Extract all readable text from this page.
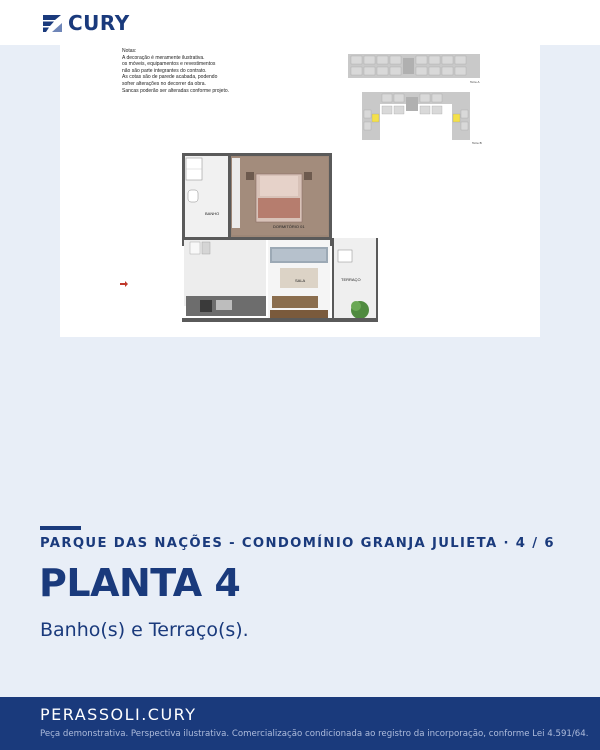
CURY
Notas:
A decoração é meramente ilustrativa.
os móveis, equipamentos e revestimentos
não são parte integrantes do contrato.
As cotas são de parede acabada, podendo
sofrer alterações no decorrer da obra.
Sancas poderão ser alteradas conforme projeto.
Torre A
Torre B
BANHO
DORMITÓRIO 01
SALA	TERRAÇO
PARQUE DAS NAÇÕES - CONDOMÍNIO GRANJA JULIETA · 4 / 6
PLANTA 4
Banho(s) e Terraço(s).
PERASSOLI.CURY
Peça demonstrativa. Perspectiva ilustrativa. Comercialização condicionada ao registro da incorporação, conforme Lei 4.591/64.
